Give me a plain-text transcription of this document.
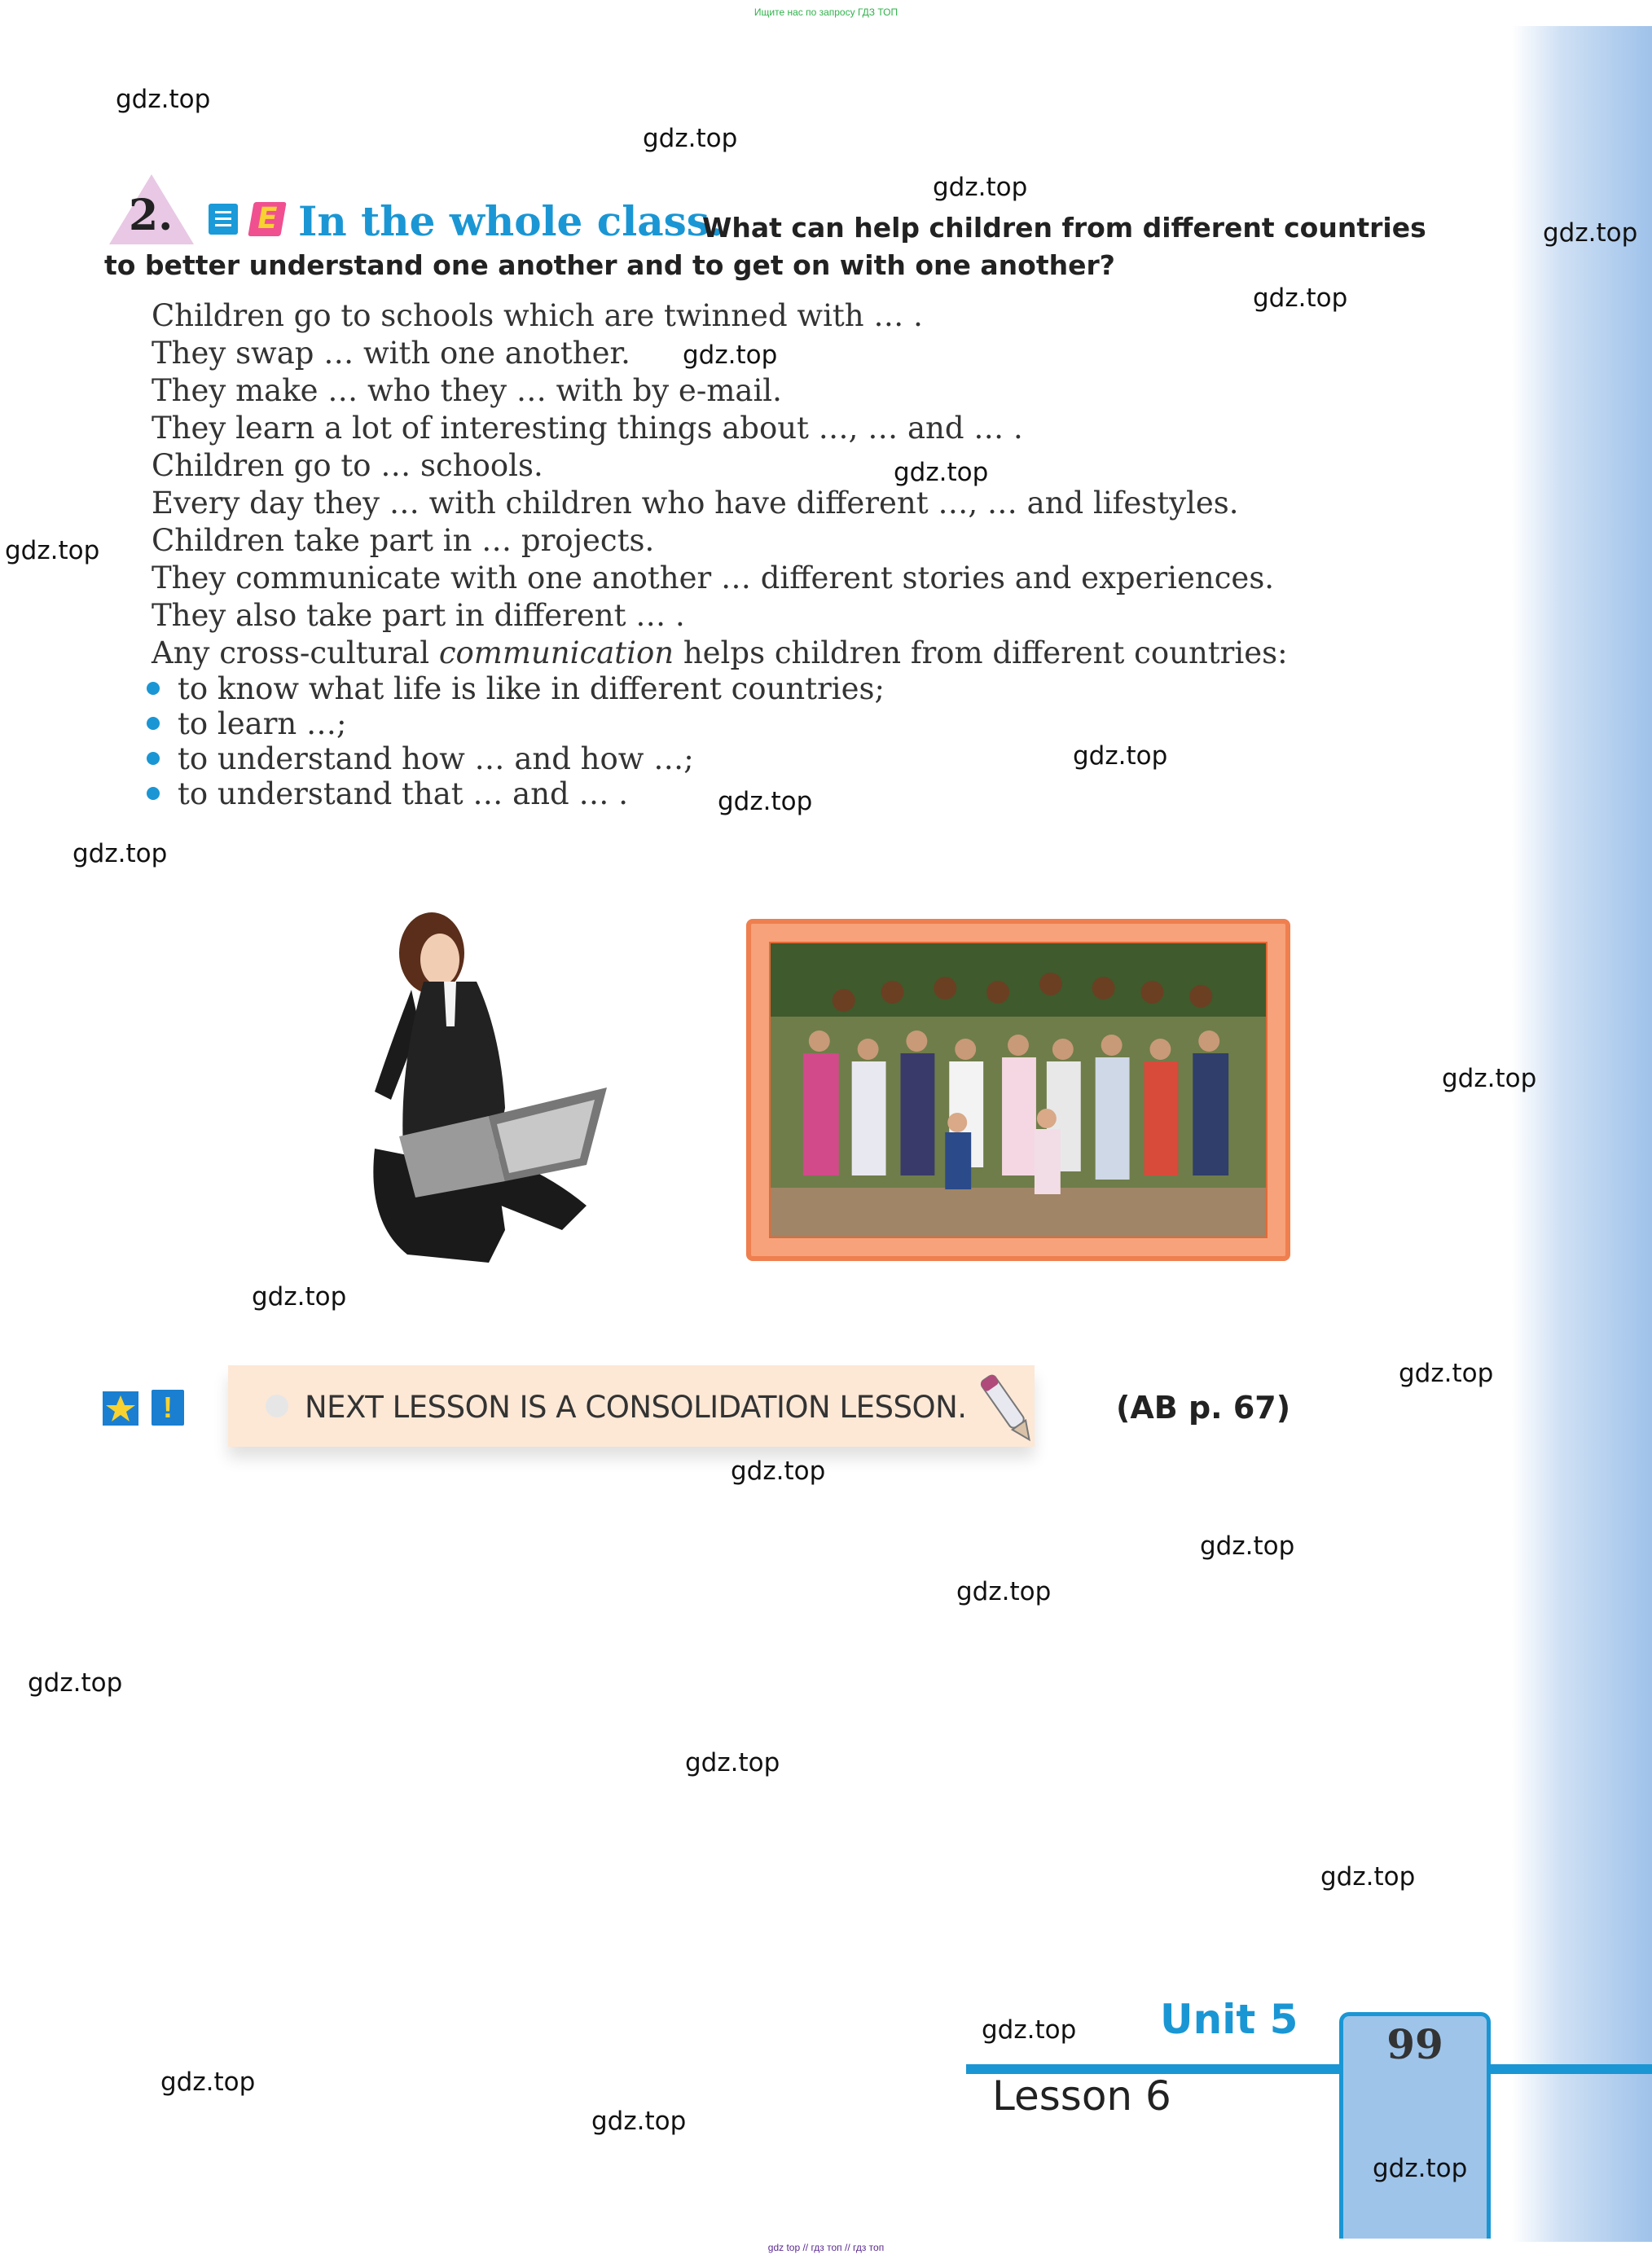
Ищите нас по запросу ГДЗ ТОП
gdz.top
gdz.top
gdz.top
gdz.top
gdz.top
gdz.top
gdz.top
gdz.top
gdz.top
gdz.top
gdz.top
gdz.top
gdz.top
gdz.top
gdz.top
gdz.top
gdz.top
gdz.top
gdz.top
gdz.top
gdz.top
gdz.top
gdz.top
2.	E In the whole class.
What can help children from different countries
to better understand one another and to get on with one another?
Children go to schools which are twinned with … .
They swap … with one another.
They make … who they … with by e-mail.
They learn a lot of interesting things about …, … and … .
Children go to … schools.
Every day they … with children who have different …, … and lifestyles.
Children take part in … projects.
They communicate with one another … different stories and experiences.
They also take part in different … .
Any cross-cultural communication helps children from different countries:
to know what life is like in different countries;
to learn …;
to understand how … and how …;
to understand that … and … .
!	NEXT LESSON IS A CONSOLIDATION LESSON.	(AB p. 67)
Unit 5
99
Lesson 6
gdz.top
gdz top // гдз топ // гдз топ
